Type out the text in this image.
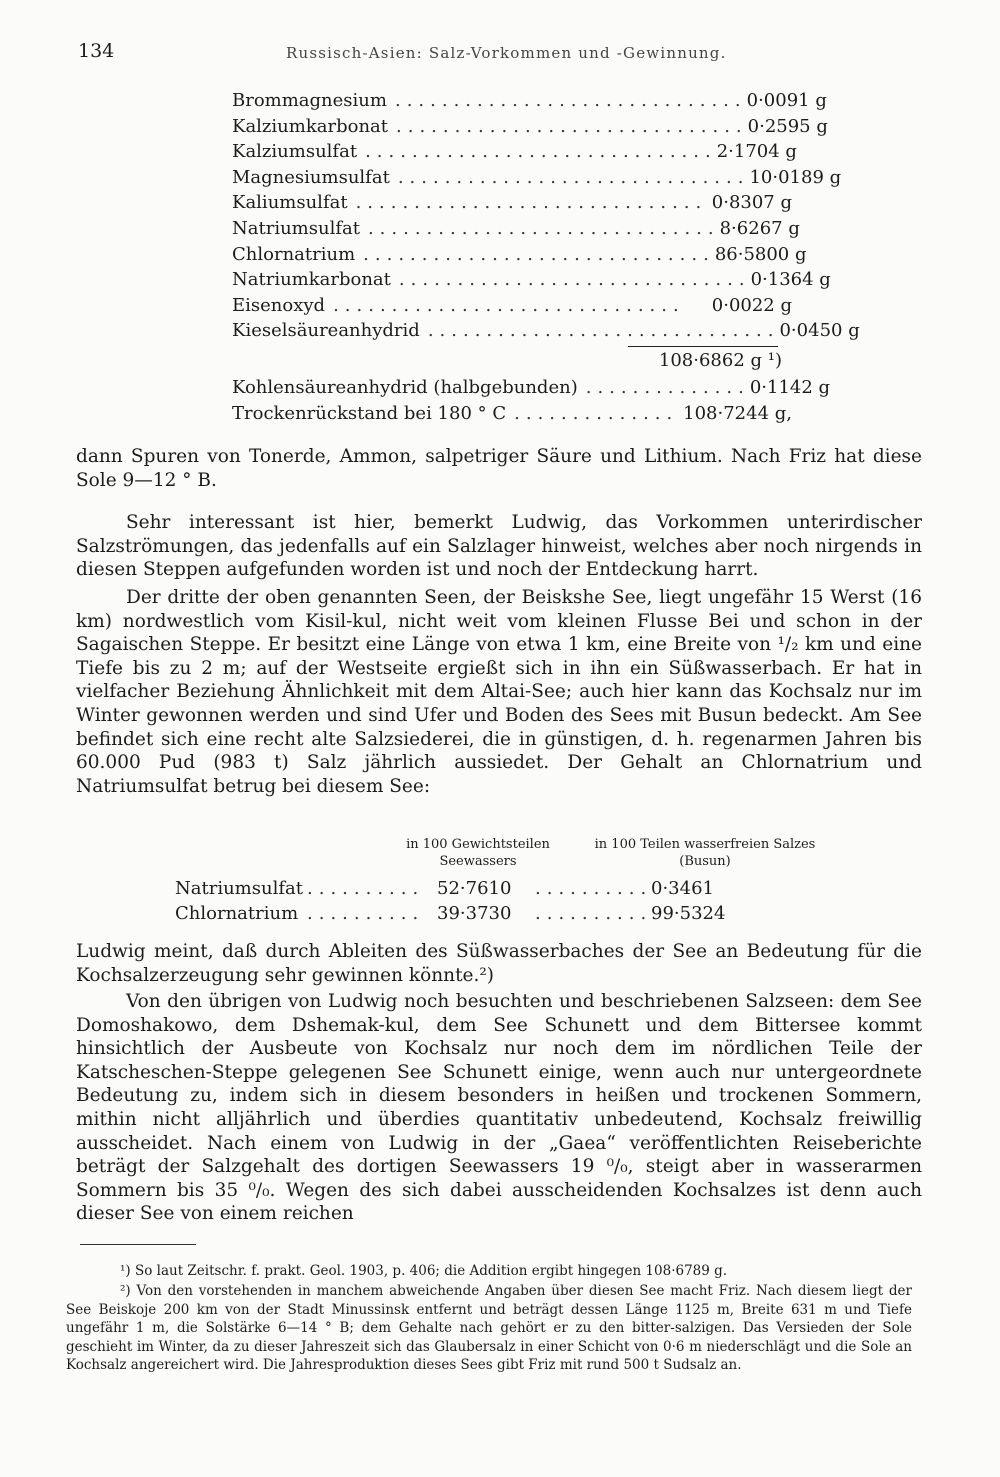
134	Russisch-Asien: Salz-Vorkommen und -Gewinnung.
Brommagnesium .............................. 0·0091 g
Kalziumkarbonat .............................. 0·2595 g
Kalziumsulfat .............................. 2·1704 g
Magnesiumsulfat .............................. 10·0189 g
Kaliumsulfat .............................. 0·8307 g
Natriumsulfat .............................. 8·6267 g
Chlornatrium .............................. 86·5800 g
Natriumkarbonat .............................. 0·1364 g
Eisenoxyd ..............................	0·0022 g
Kieselsäureanhydrid .............................. 0·0450 g
108·6862 g ¹)
Kohlensäureanhydrid (halbgebunden) .............. 0·1142 g
Trockenrückstand bei 180 ° C .............. 108·7244 g,

dann Spuren von Tonerde, Ammon, salpetriger Säure und Lithium. Nach Friz hat diese Sole 9—12 ° B.

Sehr interessant ist hier, bemerkt Ludwig, das Vorkommen unterirdischer Salzströmungen, das jedenfalls auf ein Salzlager hinweist, welches aber noch nirgends in diesen Steppen aufgefunden worden ist und noch der Entdeckung harrt.

Der dritte der oben genannten Seen, der Beiskshe See, liegt ungefähr 15 Werst (16 km) nordwestlich vom Kisil-kul, nicht weit vom kleinen Flusse Bei und schon in der Sagaischen Steppe. Er besitzt eine Länge von etwa 1 km, eine Breite von ¹/₂ km und eine Tiefe bis zu 2 m; auf der Westseite ergießt sich in ihn ein Süßwasserbach. Er hat in vielfacher Beziehung Ähnlichkeit mit dem Altai-See; auch hier kann das Kochsalz nur im Winter gewonnen werden und sind Ufer und Boden des Sees mit Busun bedeckt. Am See befindet sich eine recht alte Salzsiederei, die in günstigen, d. h. regenarmen Jahren bis 60.000 Pud (983 t) Salz jährlich aussiedet. Der Gehalt an Chlornatrium und Natriumsulfat betrug bei diesem See:

in 100 Gewichtsteilen Seewassers
in 100 Teilen wasserfreien Salzes (Busun)
Natriumsulfat .......... 52·7610 ..........
0·3461
Chlornatrium .......... 39·3730 ..........
99·5324

Ludwig meint, daß durch Ableiten des Süßwasserbaches der See an Bedeutung für die Kochsalzerzeugung sehr gewinnen könnte.²)

Von den übrigen von Ludwig noch besuchten und beschriebenen Salzseen: dem See Domoshakowo, dem Dshemak-kul, dem See Schunett und dem Bittersee kommt hinsichtlich der Ausbeute von Kochsalz nur noch dem im nördlichen Teile der Katscheschen-Steppe gelegenen See Schunett einige, wenn auch nur untergeordnete Bedeutung zu, indem sich in diesem besonders in heißen und trockenen Sommern, mithin nicht alljährlich und überdies quantitativ unbedeutend, Kochsalz freiwillig ausscheidet. Nach einem von Ludwig in der „Gaea“ veröffentlichten Reiseberichte beträgt der Salzgehalt des dortigen Seewassers 19 ⁰/₀, steigt aber in wasserarmen Sommern bis 35 ⁰/₀. Wegen des sich dabei ausscheidenden Kochsalzes ist denn auch dieser See von einem reichen

¹) So laut Zeitschr. f. prakt. Geol. 1903, p. 406; die Addition ergibt hingegen 108·6789 g.

²) Von den vorstehenden in manchem abweichende Angaben über diesen See macht Friz. Nach diesem liegt der See Beiskoje 200 km von der Stadt Minussinsk entfernt und beträgt dessen Länge 1125 m, Breite 631 m und Tiefe ungefähr 1 m, die Solstärke 6—14 ° B; dem Gehalte nach gehört er zu den bitter-salzigen. Das Versieden der Sole geschieht im Winter, da zu dieser Jahreszeit sich das Glaubersalz in einer Schicht von 0·6 m niederschlägt und die Sole an Kochsalz angereichert wird. Die Jahresproduktion dieses Sees gibt Friz mit rund 500 t Sudsalz an.
